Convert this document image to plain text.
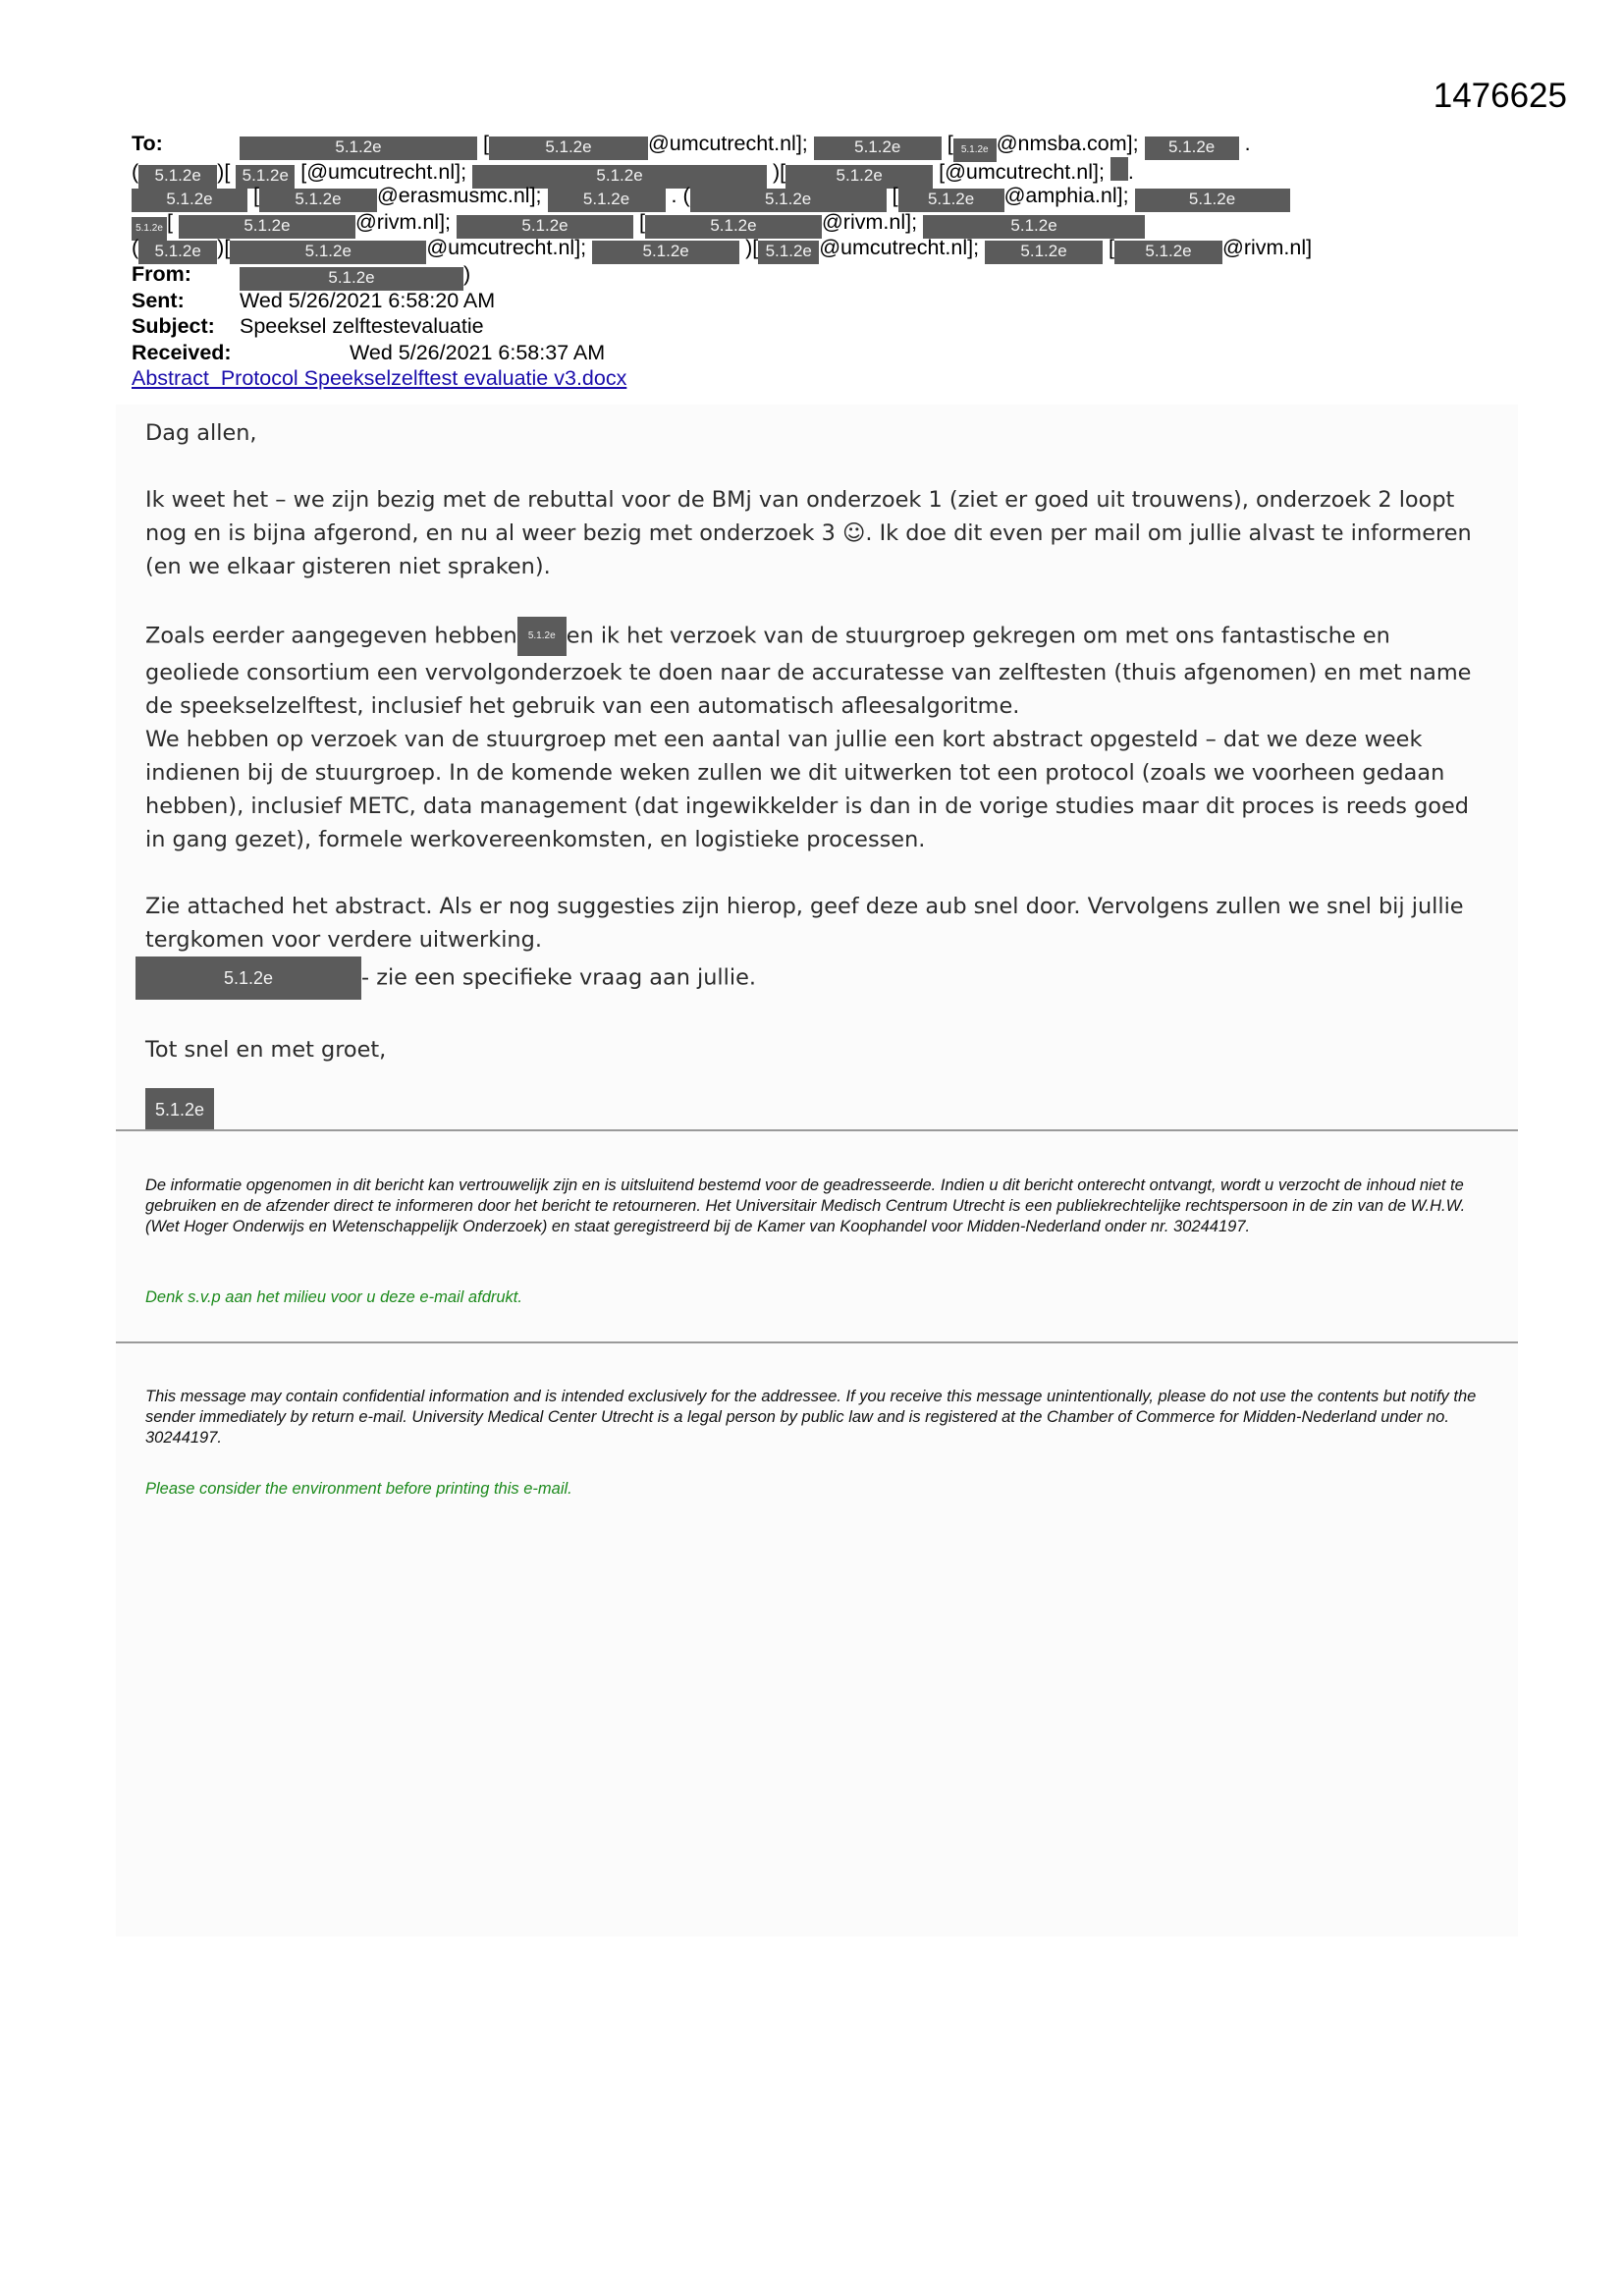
1476625
To:	5.1.2e	[	5.1.2e	@umcutrecht.nl];	5.1.2e [ 5.1.2e @nmsba.com]; 5.1.2e .
( 5.1.2e )[ 5.1.2e [@umcutrecht.nl];	5.1.2e	)[	5.1.2e [@umcutrecht.nl]; .
5.1.2e [ 5.1.2e @erasmusmc.nl]; 5.1.2e . (	5.1.2e	[ 5.1.2e @amphia.nl];	5.1.2e
5.1.2e [	5.1.2e	@rivm.nl];	5.1.2e	[	5.1.2e	@rivm.nl];	5.1.2e
( 5.1.2e )[	5.1.2e	@umcutrecht.nl];	5.1.2e )[ 5.1.2e @umcutrecht.nl]; 5.1.2e [ 5.1.2e @rivm.nl]
From:	5.1.2e	)
Sent:	Wed 5/26/2021 6:58:20 AM
Subject: Speeksel zelftestevaluatie
Received:	Wed 5/26/2021 6:58:37 AM
Abstract_Protocol Speekselzelftest evaluatie v3.docx

Dag allen,

Ik weet het – we zijn bezig met de rebuttal voor de BMj van onderzoek 1 (ziet er goed uit trouwens), onderzoek 2 loopt nog en is bijna afgerond, en nu al weer bezig met onderzoek 3 ☺. Ik doe dit even per mail om jullie alvast te informeren (en we elkaar gisteren niet spraken).

Zoals eerder aangegeven hebben 5.1.2e en ik het verzoek van de stuurgroep gekregen om met ons fantastische en geoliede consortium een vervolgonderzoek te doen naar de accuratesse van zelftesten (thuis afgenomen) en met name de speekselzelftest, inclusief het gebruik van een automatisch afleesalgoritme.

We hebben op verzoek van de stuurgroep met een aantal van jullie een kort abstract opgesteld – dat we deze week indienen bij de stuurgroep. In de komende weken zullen we dit uitwerken tot een protocol (zoals we voorheen gedaan hebben), inclusief METC, data management (dat ingewikkelder is dan in de vorige studies maar dit proces is reeds goed in gang gezet), formele werkovereenkomsten, en logistieke processen.

Zie attached het abstract. Als er nog suggesties zijn hierop, geef deze aub snel door. Vervolgens zullen we snel bij jullie tergkomen voor verdere uitwerking.

5.1.2e	- zie een specifieke vraag aan jullie.

Tot snel en met groet,

5.1.2e
De informatie opgenomen in dit bericht kan vertrouwelijk zijn en is uitsluitend bestemd voor de geadresseerde. Indien u dit bericht onterecht ontvangt, wordt u verzocht de inhoud niet te gebruiken en de afzender direct te informeren door het bericht te retourneren. Het Universitair Medisch Centrum Utrecht is een publiekrechtelijke rechtspersoon in de zin van de W.H.W. (Wet Hoger Onderwijs en Wetenschappelijk Onderzoek) en staat geregistreerd bij de Kamer van Koophandel voor Midden-Nederland onder nr. 30244197.
Denk s.v.p aan het milieu voor u deze e-mail afdrukt.
This message may contain confidential information and is intended exclusively for the addressee. If you receive this message unintentionally, please do not use the contents but notify the sender immediately by return e-mail. University Medical Center Utrecht is a legal person by public law and is registered at the Chamber of Commerce for Midden-Nederland under no. 30244197.
Please consider the environment before printing this e-mail.
